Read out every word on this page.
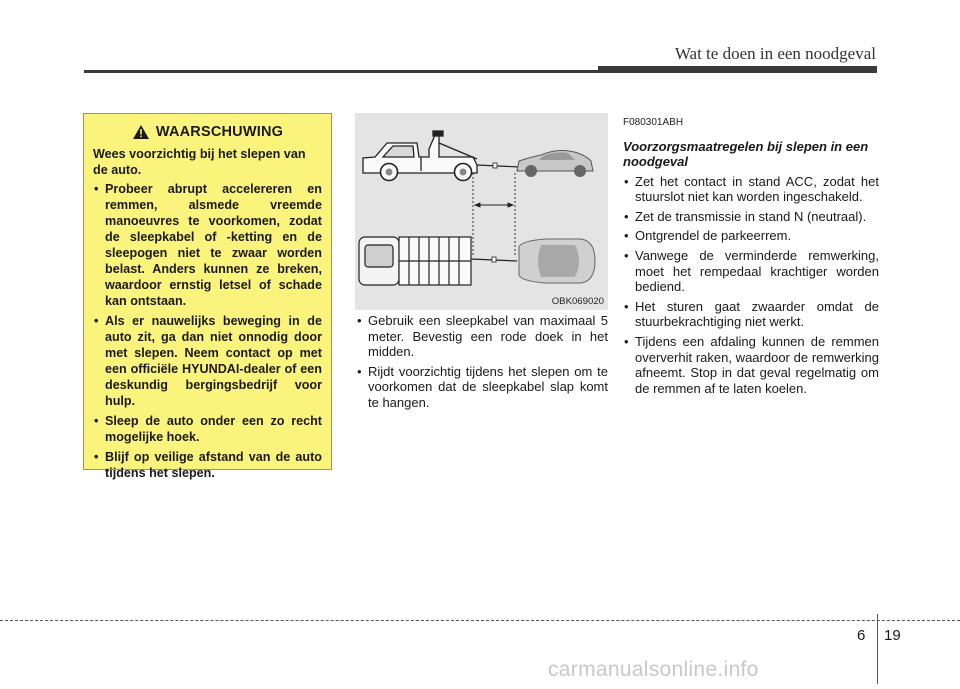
Wat te doen in een noodgeval
WAARSCHUWING
Wees voorzichtig bij het slepen van de auto.
• Probeer abrupt accelereren en remmen, alsmede vreemde manoeuvres te voorkomen, zodat de sleepkabel of -ketting en de sleepogen niet te zwaar worden belast. Anders kunnen ze breken, waardoor ernstig letsel of schade kan ontstaan.
• Als er nauwelijks beweging in de auto zit, ga dan niet onnodig door met slepen. Neem contact op met een officiële HYUNDAI-dealer of een deskundig bergingsbedrijf voor hulp.
• Sleep de auto onder een zo recht mogelijke hoek.
• Blijf op veilige afstand van de auto tijdens het slepen.
OBK069020
• Gebruik een sleepkabel van maximaal 5 meter. Bevestig een rode doek in het midden.
• Rijdt voorzichtig tijdens het slepen om te voorkomen dat de sleepkabel slap komt te hangen.
F080301ABH
Voorzorgsmaatregelen bij slepen in een noodgeval
• Zet het contact in stand ACC, zodat het stuurslot niet kan worden ingeschakeld.
• Zet de transmissie in stand N (neutraal).
• Ontgrendel de parkeerrem.
• Vanwege de verminderde remwerking, moet het rempedaal krachtiger worden bediend.
• Het sturen gaat zwaarder omdat de stuurbekrachtiging niet werkt.
• Tijdens een afdaling kunnen de remmen oververhit raken, waardoor de remwerking afneemt. Stop in dat geval regelmatig om de remmen af te laten koelen.
6 19
carmanualsonline.info
